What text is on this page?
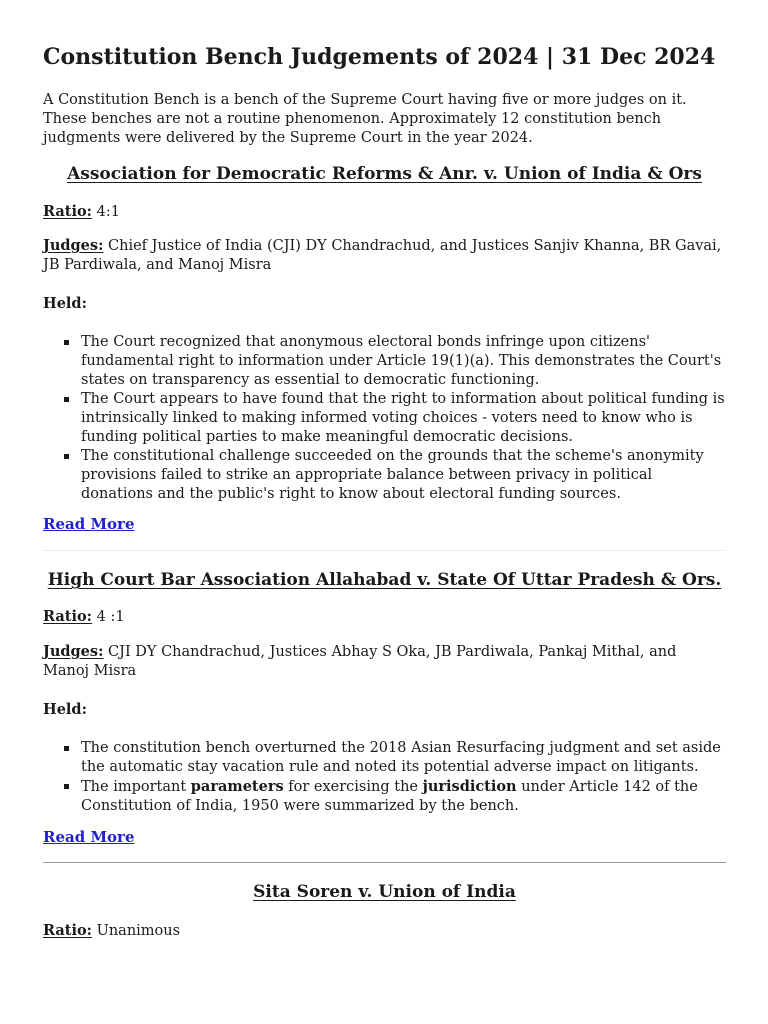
Constitution Bench Judgements of 2024 | 31 Dec 2024

A Constitution Bench is a bench of the Supreme Court having five or more judges on it. These benches are not a routine phenomenon. Approximately 12 constitution bench judgments were delivered by the Supreme Court in the year 2024.

Association for Democratic Reforms & Anr. v. Union of India & Ors

Ratio: 4:1

Judges: Chief Justice of India (CJI) DY Chandrachud, and Justices Sanjiv Khanna, BR Gavai, JB Pardiwala, and Manoj Misra

Held:

The Court recognized that anonymous electoral bonds infringe upon citizens' fundamental right to information under Article 19(1)(a). This demonstrates the Court's states on transparency as essential to democratic functioning.
The Court appears to have found that the right to information about political funding is intrinsically linked to making informed voting choices - voters need to know who is funding political parties to make meaningful democratic decisions.
The constitutional challenge succeeded on the grounds that the scheme's anonymity provisions failed to strike an appropriate balance between privacy in political donations and the public's right to know about electoral funding sources.
Read More
High Court Bar Association Allahabad v. State Of Uttar Pradesh & Ors.

Ratio: 4 :1

Judges: CJI DY Chandrachud, Justices Abhay S Oka, JB Pardiwala, Pankaj Mithal, and Manoj Misra

Held:

The constitution bench overturned the 2018 Asian Resurfacing judgment and set aside the automatic stay vacation rule and noted its potential adverse impact on litigants.
The important parameters for exercising the jurisdiction under Article 142 of the Constitution of India, 1950 were summarized by the bench.
Read More
Sita Soren v. Union of India

Ratio: Unanimous
